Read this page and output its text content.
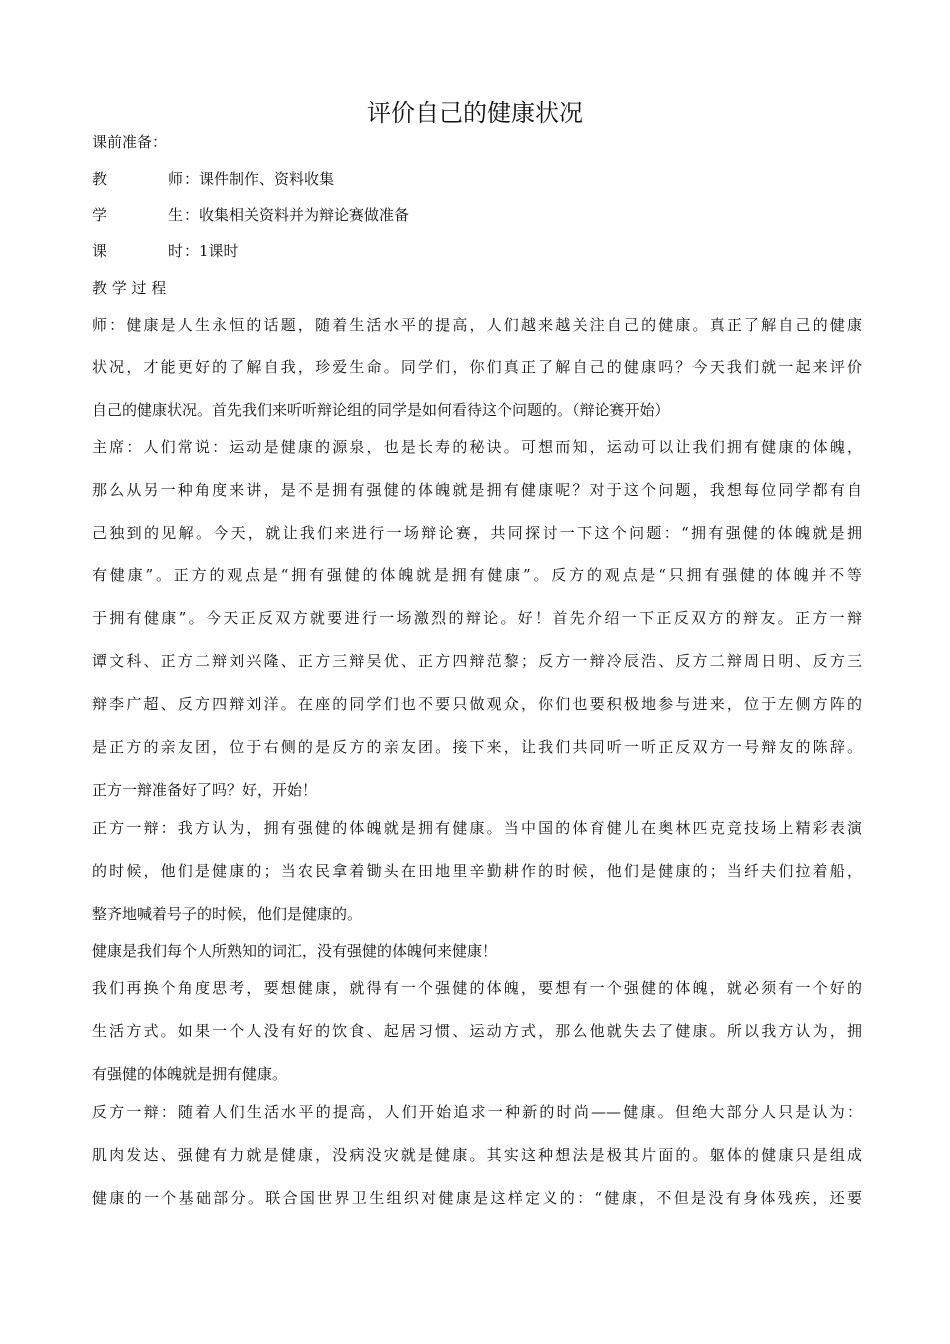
评价自己的健康状况
课前准备：
教	师 ：课件制作、资料收集
学	生 ：收集相关资料并为辩论赛做准备
课	时 ：1课时
教 学 过 程
师：健康是人生永恒的话题，随着生活水平的提高，人们越来越关注自己的健康。真正了解自己的健康
状况，才能更好的了解自我，珍爱生命。同学们，你们真正了解自己的健康吗？今天我们就一起来评价
自己的健康状况。首先我们来听听辩论组的同学是如何看待这个问题的。（辩论赛开始）
主席：人们常说：运动是健康的源泉，也是长寿的秘诀。可想而知，运动可以让我们拥有健康的体魄，
那么从另一种角度来讲，是不是拥有强健的体魄就是拥有健康呢？对于这个问题，我想每位同学都有自
己独到的见解。今天，就让我们来进行一场辩论赛，共同探讨一下这个问题：“拥有强健的体魄就是拥
有健康”。正方的观点是“拥有强健的体魄就是拥有健康”。反方的观点是“只拥有强健的体魄并不等
于拥有健康”。今天正反双方就要进行一场激烈的辩论。好！首先介绍一下正反双方的辩友。正方一辩
谭文科、正方二辩刘兴隆、正方三辩吴优、正方四辩范黎；反方一辩冷辰浩、反方二辩周日明、反方三
辩李广超、反方四辩刘洋。在座的同学们也不要只做观众，你们也要积极地参与进来，位于左侧方阵的
是正方的亲友团，位于右侧的是反方的亲友团。接下来，让我们共同听一听正反双方一号辩友的陈辞。
正方一辩准备好了吗？好，开始！
正方一辩：我方认为，拥有强健的体魄就是拥有健康。当中国的体育健儿在奥林匹克竞技场上精彩表演
的时候，他们是健康的；当农民拿着锄头在田地里辛勤耕作的时候，他们是健康的；当纤夫们拉着船，
整齐地喊着号子的时候，他们是健康的。
健康是我们每个人所熟知的词汇，没有强健的体魄何来健康！
我们再换个角度思考，要想健康，就得有一个强健的体魄，要想有一个强健的体魄，就必须有一个好的
生活方式。如果一个人没有好的饮食、起居习惯、运动方式，那么他就失去了健康。所以我方认为，拥
有强健的体魄就是拥有健康。
反方一辩：随着人们生活水平的提高，人们开始追求一种新的时尚——健康。但绝大部分人只是认为：
肌肉发达、强健有力就是健康，没病没灾就是健康。其实这种想法是极其片面的。躯体的健康只是组成
健康的一个基础部分。联合国世界卫生组织对健康是这样定义的：“健康，不但是没有身体残疾，还要
